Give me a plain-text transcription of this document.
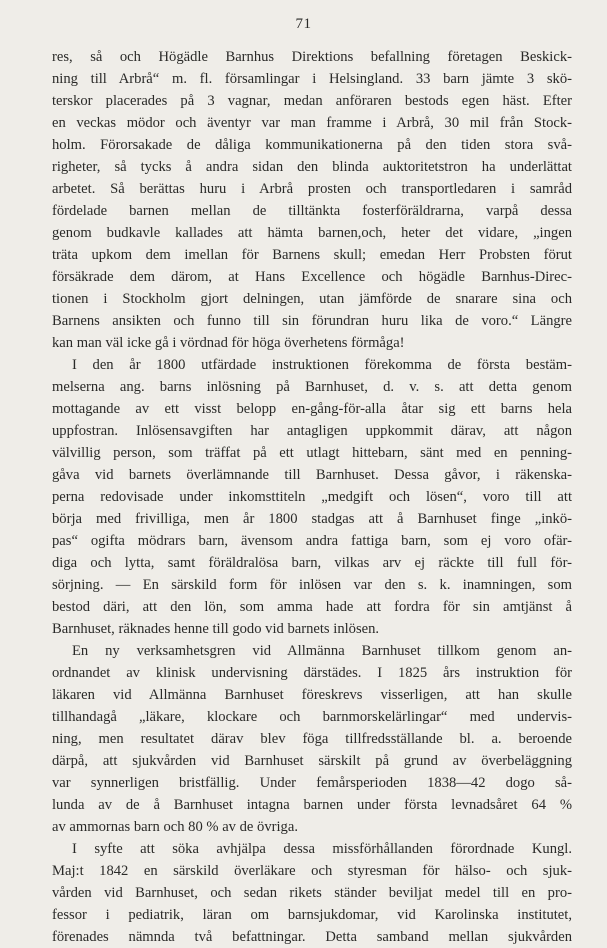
71
res, så och Högädle Barnhus Direktions befallning företagen Beskick-
ning till Arbrå“ m. fl. församlingar i Helsingland. 33 barn jämte 3 skö-
terskor placerades på 3 vagnar, medan anföraren bestods egen häst. Efter
en veckas mödor och äventyr var man framme i Arbrå, 30 mil från Stock-
holm. Förorsakade de dåliga kommunikationerna på den tiden stora svå-
righeter, så tycks å andra sidan den blinda auktoritetstron ha underlättat
arbetet. Så berättas huru i Arbrå prosten och transportledaren i samråd
fördelade barnen mellan de tilltänkta fosterföräldrarna, varpå dessa
genom budkavle kallades att hämta barnen,och, heter det vidare, „ingen
träta upkom dem imellan för Barnens skull; emedan Herr Probsten förut
försäkrade dem därom, at Hans Excellence och högädle Barnhus-Direc-
tionen i Stockholm gjort delningen, utan jämförde de snarare sina och
Barnens ansikten och funno till sin förundran huru lika de voro.“ Längre
kan man väl icke gå i vördnad för höga överhetens förmåga!
I den år 1800 utfärdade instruktionen förekomma de första bestäm-
melserna ang. barns inlösning på Barnhuset, d. v. s. att detta genom
mottagande av ett visst belopp en-gång-för-alla åtar sig ett barns hela
uppfostran. Inlösensavgiften har antagligen uppkommit därav, att någon
välvillig person, som träffat på ett utlagt hittebarn, sänt med en penning-
gåva vid barnets överlämnande till Barnhuset. Dessa gåvor, i räkenska-
perna redovisade under inkomsttiteln „medgift och lösen“, voro till att
börja med frivilliga, men år 1800 stadgas att å Barnhuset finge „inkö-
pas“ ogifta mödrars barn, ävensom andra fattiga barn, som ej voro ofär-
diga och lytta, samt föräldralösa barn, vilkas arv ej räckte till full för-
sörjning. — En särskild form för inlösen var den s. k. inamningen, som
bestod däri, att den lön, som amma hade att fordra för sin amtjänst å
Barnhuset, räknades henne till godo vid barnets inlösen.
En ny verksamhetsgren vid Allmänna Barnhuset tillkom genom an-
ordnandet av klinisk undervisning därstädes. I 1825 års instruktion för
läkaren vid Allmänna Barnhuset föreskrevs visserligen, att han skulle
tillhandagå „läkare, klockare och barnmorskelärlingar“ med undervis-
ning, men resultatet därav blev föga tillfredsställande bl. a. beroende
därpå, att sjukvården vid Barnhuset särskilt på grund av överbeläggning
var synnerligen bristfällig. Under femårsperioden 1838—42 dogo så-
lunda av de å Barnhuset intagna barnen under första levnadsåret 64 %
av ammornas barn och 80 % av de övriga.
I syfte att söka avhjälpa dessa missförhållanden förordnade Kungl.
Maj:t 1842 en särskild överläkare och styresman för hälso- och sjuk-
vården vid Barnhuset, och sedan rikets ständer beviljat medel till en pro-
fessor i pediatrik, läran om barnsjukdomar, vid Karolinska institutet,
förenades nämnda två befattningar. Detta samband mellan sjukvården
